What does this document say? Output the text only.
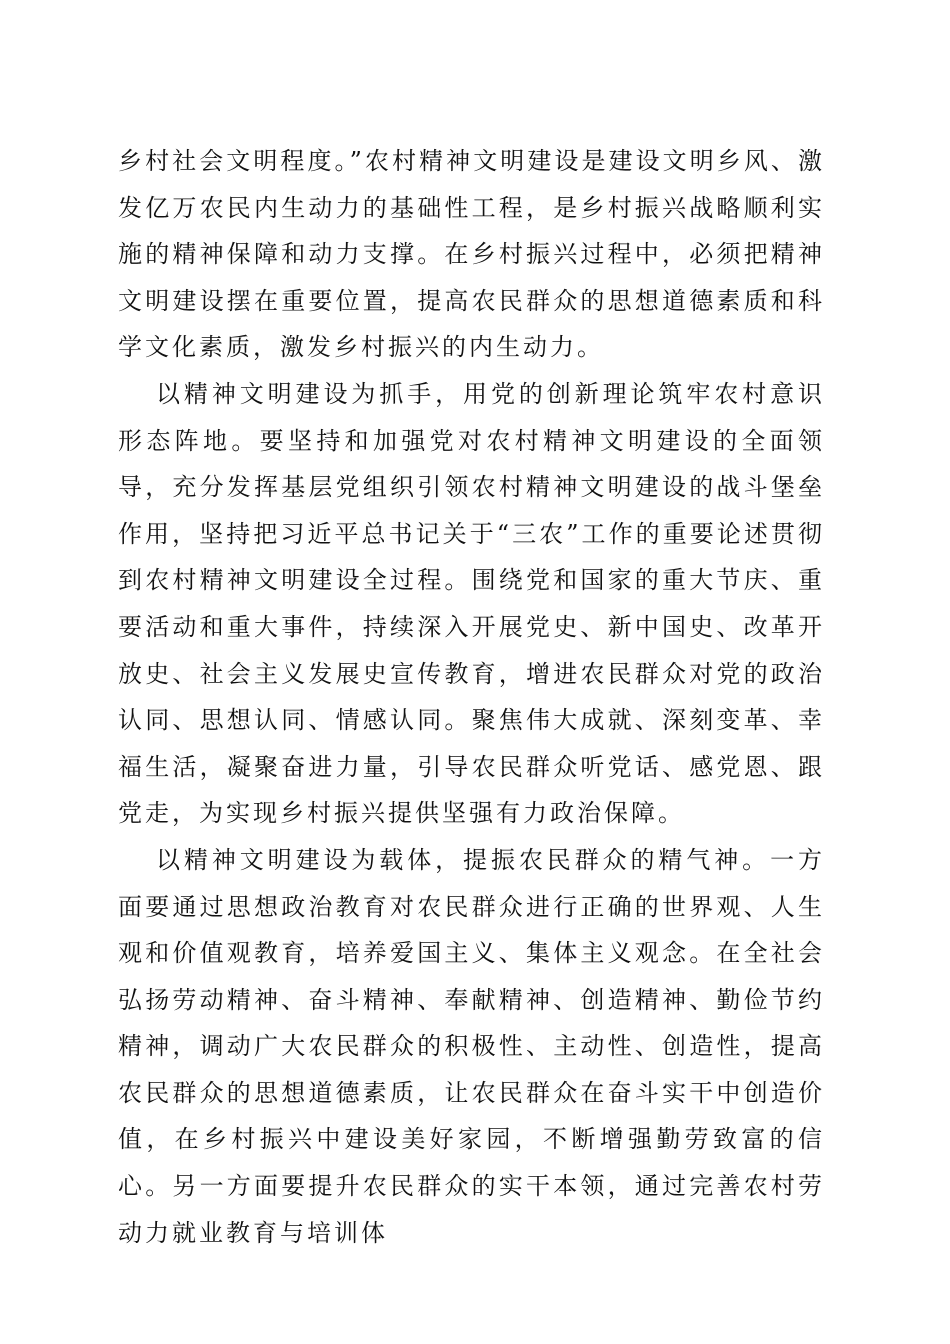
乡村社会文明程度。”农村精神文明建设是建设文明乡风、激发亿万农民内生动力的基础性工程，是乡村振兴战略顺利实施的精神保障和动力支撑。在乡村振兴过程中，必须把精神文明建设摆在重要位置，提高农民群众的思想道德素质和科学文化素质，激发乡村振兴的内生动力。

以精神文明建设为抓手，用党的创新理论筑牢农村意识形态阵地。要坚持和加强党对农村精神文明建设的全面领导，充分发挥基层党组织引领农村精神文明建设的战斗堡垒作用，坚持把习近平总书记关于“三农”工作的重要论述贯彻到农村精神文明建设全过程。围绕党和国家的重大节庆、重要活动和重大事件，持续深入开展党史、新中国史、改革开放史、社会主义发展史宣传教育，增进农民群众对党的政治认同、思想认同、情感认同。聚焦伟大成就、深刻变革、幸福生活，凝聚奋进力量，引导农民群众听党话、感党恩、跟党走，为实现乡村振兴提供坚强有力政治保障。

以精神文明建设为载体，提振农民群众的精气神。一方面要通过思想政治教育对农民群众进行正确的世界观、人生观和价值观教育，培养爱国主义、集体主义观念。在全社会弘扬劳动精神、奋斗精神、奉献精神、创造精神、勤俭节约精神，调动广大农民群众的积极性、主动性、创造性，提高农民群众的思想道德素质，让农民群众在奋斗实干中创造价值，在乡村振兴中建设美好家园，不断增强勤劳致富的信心。另一方面要提升农民群众的实干本领，通过完善农村劳动力就业教育与培训体
